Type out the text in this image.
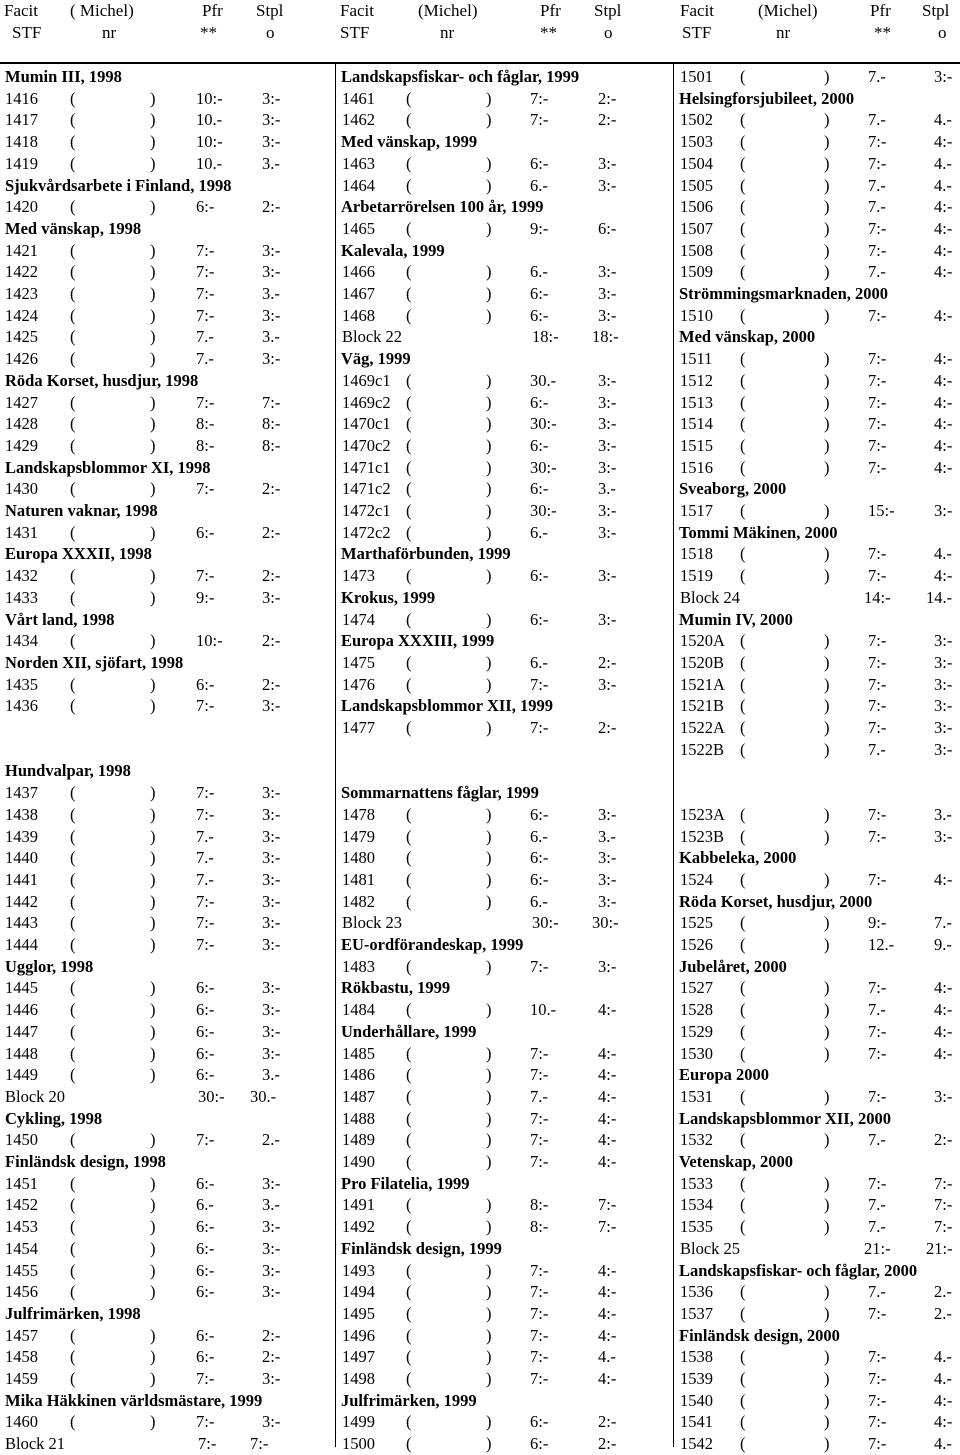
Facit ( Michel)	Pfr Stpl
STF	nr	**	o
Facit	(Michel)	Pfr Stpl
STF	nr	**	o
Facit	(Michel)	Pfr Stpl
STF	nr	**	o
Mumin III, 1998
1416 (	) 10:- 3:-
1417 (	) 10.- 3:-
1418 (	) 10:- 3:-
1419 (	) 10.- 3.-
Sjukvårdsarbete i Finland, 1998
1420 (	) 6:-	2:-
Med vänskap, 1998
1421 (	) 7:-	3:-
1422 (	) 7:-	3:-
1423 (	) 7:-	3.-
1424 (	) 7:-	3:-
1425 (	) 7.-	3.-
1426 (	) 7.-	3:-
Röda Korset, husdjur, 1998
1427 (	) 7:-	7:-
1428 (	) 8:-	8:-
1429 (	) 8:-	8:-
Landskapsblommor XI, 1998
1430 (	) 7:-	2:-
Naturen vaknar, 1998
1431 (	) 6:-	2:-
Europa XXXII, 1998
1432 (	) 7:-	2:-
1433 (	) 9:-	3:-
Vårt land, 1998
1434 (	) 10:- 2:-
Norden XII, sjöfart, 1998
1435 (	) 6:-	2:-
1436 (	) 7:-	3:-
Hundvalpar, 1998
1437 (	) 7:-	3:-
1438 (	) 7:-	3:-
1439 (	) 7.-	3:-
1440 (	) 7.-	3:-
1441 (	) 7.-	3:-
1442 (	) 7:-	3:-
1443 (	) 7:-	3:-
1444 (	) 7:-	3:-
Ugglor, 1998
1445 (	) 6:-	3:-
1446 (	) 6:-	3:-
1447 (	) 6:-	3:-
1448 (	) 6:-	3:-
1449 (	) 6:-	3.-
Block 20	30:- 30.-
Cykling, 1998
1450 (	) 7:-	2.-
Finländsk design, 1998
1451 (	) 6:-	3:-
1452 (	) 6.-	3.-
1453 (	) 6:-	3:-
1454 (	) 6:-	3:-
1455 (	) 6:-	3:-
1456 (	) 6:-	3:-
Julfrimärken, 1998
1457 (	) 6:-	2:-
1458 (	) 6:-	2:-
1459 (	) 7:-	3:-
Mika Häkkinen världsmästare, 1999
1460 (	) 7:-	3:-
Block 21	7:- 7:-
Landskapsfiskar- och fåglar, 1999
1461 (	) 7:-	2:-
1462 (	) 7:-	2:-
Med vänskap, 1999
1463 (	) 6:-	3:-
1464 (	) 6.-	3:-
Arbetarrörelsen 100 år, 1999
1465 (	) 9:-	6:-
Kalevala, 1999
1466 (	) 6.-	3:-
1467 (	) 6:-	3:-
1468 (	) 6:-	3:-
Block 22	18:- 18:-
Väg, 1999
1469c1 (	) 30.-	3:-
1469c2 (	) 6:-	3:-
1470c1 (	) 30:-	3:-
1470c2 (	) 6:-	3:-
1471c1 (	) 30:-	3:-
1471c2 (	) 6:-	3.-
1472c1 (	) 30:-	3:-
1472c2 (	) 6.-	3:-
Marthaförbunden, 1999
1473 (	) 6:-	3:-
Krokus, 1999
1474 (	) 6:-	3:-
Europa XXXIII, 1999
1475 (	) 6.-	2:-
1476 (	) 7:-	3:-
Landskapsblommor XII, 1999
1477 (	) 7:-	2:-
Sommarnattens fåglar, 1999
1478 (	) 6:-	3:-
1479 (	) 6.-	3.-
1480 (	) 6:-	3:-
1481 (	) 6:-	3:-
1482 (	) 6.-	3:-
Block 23	30:- 30:-
EU-ordförandeskap, 1999
1483 (	) 7:-	3:-
Rökbastu, 1999
1484 (	) 10.-	4:-
Underhållare, 1999
1485 (	) 7:-	4:-
1486 (	) 7:-	4:-
1487 (	) 7.-	4:-
1488 (	) 7:-	4:-
1489 (	) 7:-	4:-
1490 (	) 7:-	4:-
Pro Filatelia, 1999
1491 (	) 8:-	7:-
1492 (	) 8:-	7:-
Finländsk design, 1999
1493 (	) 7:-	4:-
1494 (	) 7:-	4:-
1495 (	) 7:-	4:-
1496 (	) 7:-	4:-
1497 (	) 7:-	4.-
1498 (	) 7:-	4:-
Julfrimärken, 1999
1499 (	) 6:-	2:-
1500 (	) 6:-	2:-
1501 (	) 7.-	3:-
Helsingforsjubileet, 2000
1502 (	) 7.-	4.-
1503 (	) 7:-	4:-
1504 (	) 7:-	4.-
1505 (	) 7.-	4.-
1506 (	) 7.-	4:-
1507 (	) 7:-	4:-
1508 (	) 7:-	4:-
1509 (	) 7.-	4:-
Strömmingsmarknaden, 2000
1510 (	) 7:-	4:-
Med vänskap, 2000
1511 (	) 7:-	4:-
1512 (	) 7:-	4:-
1513 (	) 7:-	4:-
1514 (	) 7:-	4:-
1515 (	) 7:-	4:-
1516 (	) 7:-	4:-
Sveaborg, 2000
1517 (	) 15:- 3:-
Tommi Mäkinen, 2000
1518 (	) 7:-	4.-
1519 (	) 7:-	4:-
Block 24	14:- 14.-
Mumin IV, 2000
1520A (	) 7:-	3:-
1520B (	) 7:-	3:-
1521A (	) 7:-	3:-
1521B (	) 7:-	3:-
1522A (	) 7:-	3:-
1522B (	) 7.-	3:-
1523A (	) 7:-	3.-
1523B (	) 7:-	3:-
Kabbeleka, 2000
1524 (	) 7:-	4:-
Röda Korset, husdjur, 2000
1525 (	) 9:-	7.-
1526 (	) 12.- 9.-
Jubelåret, 2000
1527 (	) 7:-	4:-
1528 (	) 7.-	4:-
1529 (	) 7:-	4:-
1530 (	) 7:-	4:-
Europa 2000
1531 (	) 7:-	3:-
Landskapsblommor XII, 2000
1532 (	) 7.-	2:-
Vetenskap, 2000
1533 (	) 7:-	7:-
1534 (	) 7.-	7:-
1535 (	) 7.-	7:-
Block 25	21:- 21:-
Landskapsfiskar- och fåglar, 2000
1536 (	) 7.-	2.-
1537 (	) 7:-	2.-
Finländsk design, 2000
1538 (	) 7:-	4.-
1539 (	) 7:-	4.-
1540 (	) 7:-	4:-
1541 (	) 7:-	4:-
1542 (	) 7:-	4.-
